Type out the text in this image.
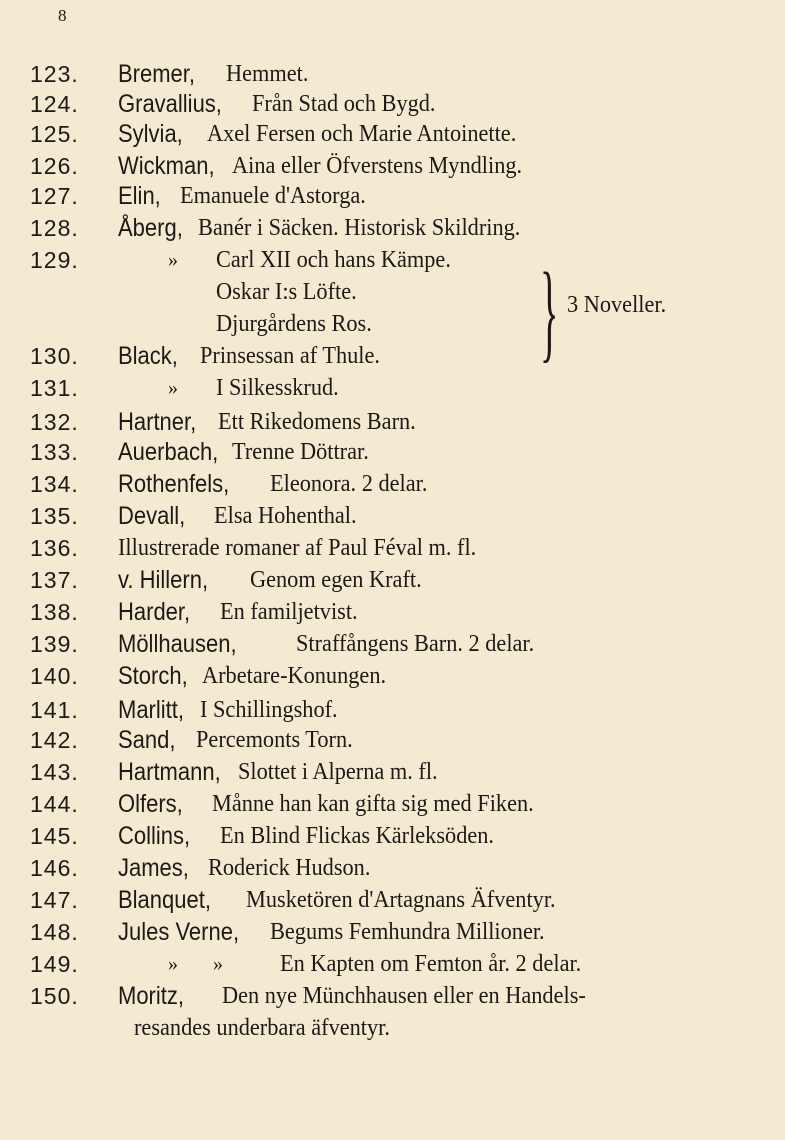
8
123. Bremer, Hemmet.
124. Gravallius, Från Stad och Bygd.
125. Sylvia, Axel Fersen och Marie Antoinette.
126. Wickman, Aina eller Öfverstens Myndling.
127. Elin, Emanuele d'Astorga.
128. Åberg, Banér i Säcken. Historisk Skildring.
129.	» Carl XII och hans Kämpe.
Oskar I:s Löfte.
Djurgårdens Ros. } 3 Noveller.
130. Black, Prinsessan af Thule.
131.	» I Silkesskrud.
132. Hartner, Ett Rikedomens Barn.
133. Auerbach, Trenne Döttrar.
134. Rothenfels, Eleonora. 2 delar.
135. Devall, Elsa Hohenthal.
136. Illustrerade romaner af Paul Féval m. fl.
137. v. Hillern, Genom egen Kraft.
138. Harder, En familjetvist.
139. Möllhausen, Straffångens Barn. 2 delar.
140. Storch, Arbetare-Konungen.
141. Marlitt, I Schillingshof.
142. Sand, Percemonts Torn.
143. Hartmann, Slottet i Alperna m. fl.
144. Olfers, Månne han kan gifta sig med Fiken.
145. Collins, En Blind Flickas Kärleksöden.
146. James, Roderick Hudson.
147. Blanquet, Musketören d'Artagnans Äfventyr.
148. Jules Verne, Begums Femhundra Millioner.
149.	» » En Kapten om Femton år. 2 delar.
150. Moritz, Den nye Münchhausen eller en Handels-
resandes underbara äfventyr.
